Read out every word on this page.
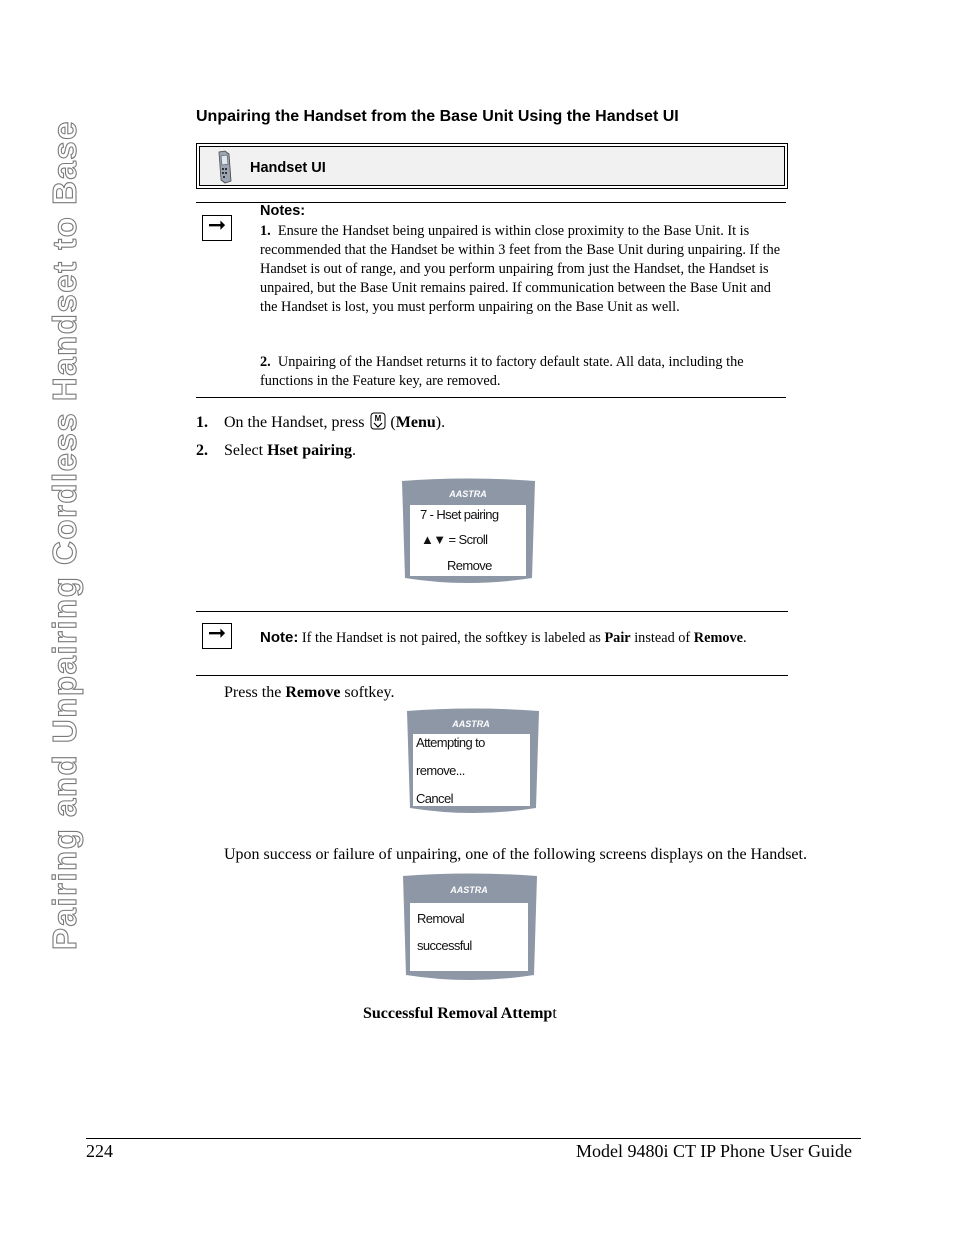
Pairing and Unpairing Cordless Handset to Base
Unpairing the Handset from the Base Unit Using the Handset UI
Handset UI
➞
Notes:
1. Ensure the Handset being unpaired is within close proximity to the Base Unit. It is recommended that the Handset be within 3 feet from the Base Unit during unpairing. If the Handset is out of range, and you perform unpairing from just the Handset, the Handset is unpaired, but the Base Unit remains paired. If communication between the Base Unit and the Handset is lost, you must perform unpairing on the Base Unit as well.
2. Unpairing of the Handset returns it to factory default state. All data, including the functions in the Feature key, are removed.
1. On the Handset, press M (Menu).
2. Select Hset pairing.
AASTRA
7 - Hset pairing
▲▼ = Scroll
Remove
➞	Note: If the Handset is not paired, the softkey is labeled as Pair instead of Remove.
Press the Remove softkey.
AASTRA
Attempting to
remove...
Cancel
Upon success or failure of unpairing, one of the following screens displays on the Handset.
AASTRA
Removal
successful
Successful Removal Attempt
224	Model 9480i CT IP Phone User Guide
